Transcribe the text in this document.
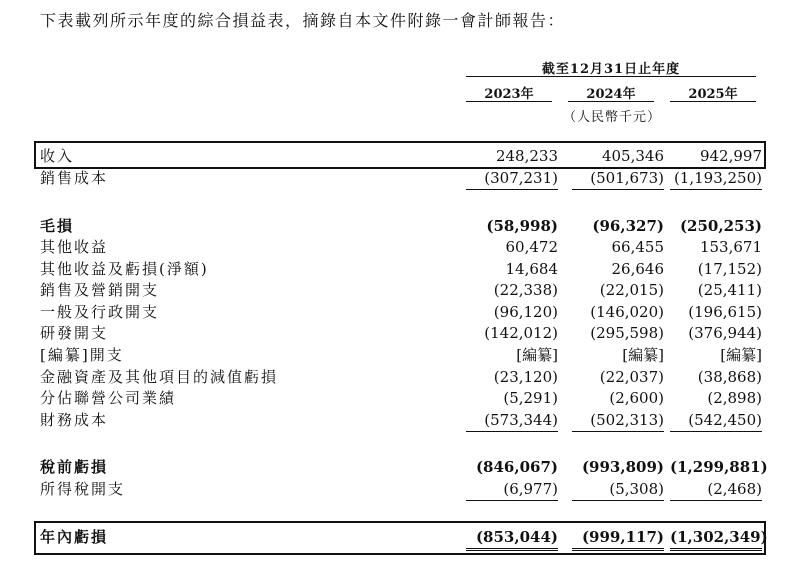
下表載列所示年度的綜合損益表，摘錄自本文件附錄一會計師報告：
截至12月31日止年度
2023年	2024年	2025年
（人民幣千元）
收入	248,233	405,346	942,997
銷售成本	(307,231)	(501,673) (1,193,250)
毛損	(58,998)	(96,327)	(250,253)
其他收益	60,472	66,455	153,671
其他收益及虧損(淨額)	14,684	26,646	(17,152)
銷售及營銷開支	(22,338)	(22,015)	(25,411)
一般及行政開支	(96,120)	(146,020)	(196,615)
研發開支	(142,012)	(295,598)	(376,944)
[編纂]開支	[編纂]	[編纂]	[編纂]
金融資產及其他項目的減值虧損	(23,120)	(22,037)	(38,868)
分佔聯營公司業績	(5,291)	(2,600)	(2,898)
財務成本	(573,344)	(502,313)	(542,450)
稅前虧損	(846,067)	(993,809) (1,299,881)
所得稅開支	(6,977)	(5,308)	(2,468)
年內虧損	(853,044)	(999,117) (1,302,349)
